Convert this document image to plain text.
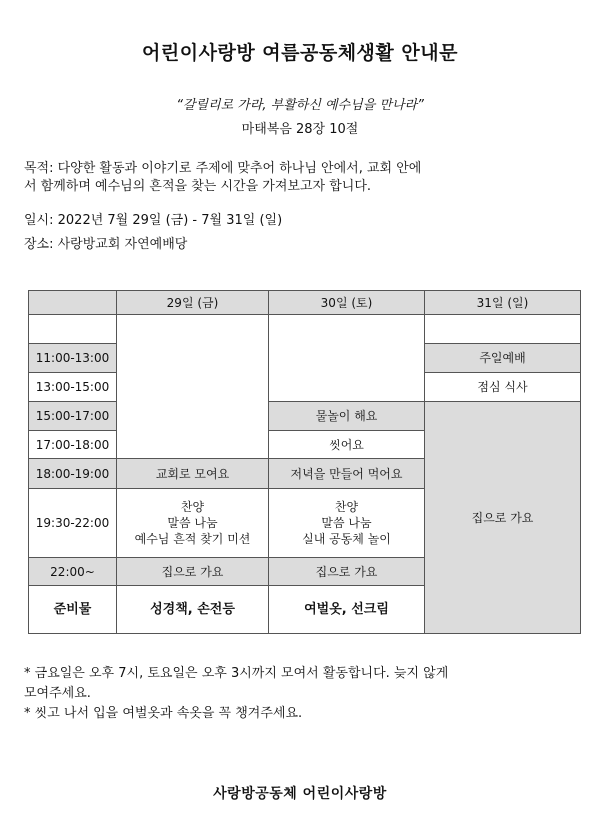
어린이사랑방 여름공동체생활 안내문
“갈릴리로 가라, 부활하신 예수님을 만나라”
마태복음 28장 10절
목적: 다양한 활동과 이야기로 주제에 맞추어 하나님 안에서, 교회 안에
서 함께하며 예수님의 흔적을 찾는 시간을 가져보고자 합니다.
일시: 2022년 7월 29일 (금) - 7월 31일 (일)
장소: 사랑방교회 자연예배당
	29일 (금)	30일 (토)	31일 (일)

11:00-13:00			주일예배
13:00-15:00			점심 식사
15:00-17:00		물놀이 해요	집으로 가요
17:00-18:00		씻어요	
18:00-19:00	교회로 모여요	저녁을 만들어 먹어요	
19:30-22:00	찬양
말씀 나눔
예수님 흔적 찾기 미션	찬양
말씀 나눔
실내 공동체 놀이	

22:00~	집으로 가요	집으로 가요	
준비물	성경책, 손전등	여벌옷, 선크림	

* 금요일은 오후 7시, 토요일은 오후 3시까지 모여서 활동합니다. 늦지 않게
모여주세요.

* 씻고 나서 입을 여벌옷과 속옷을 꼭 챙겨주세요.

사랑방공동체 어린이사랑방
